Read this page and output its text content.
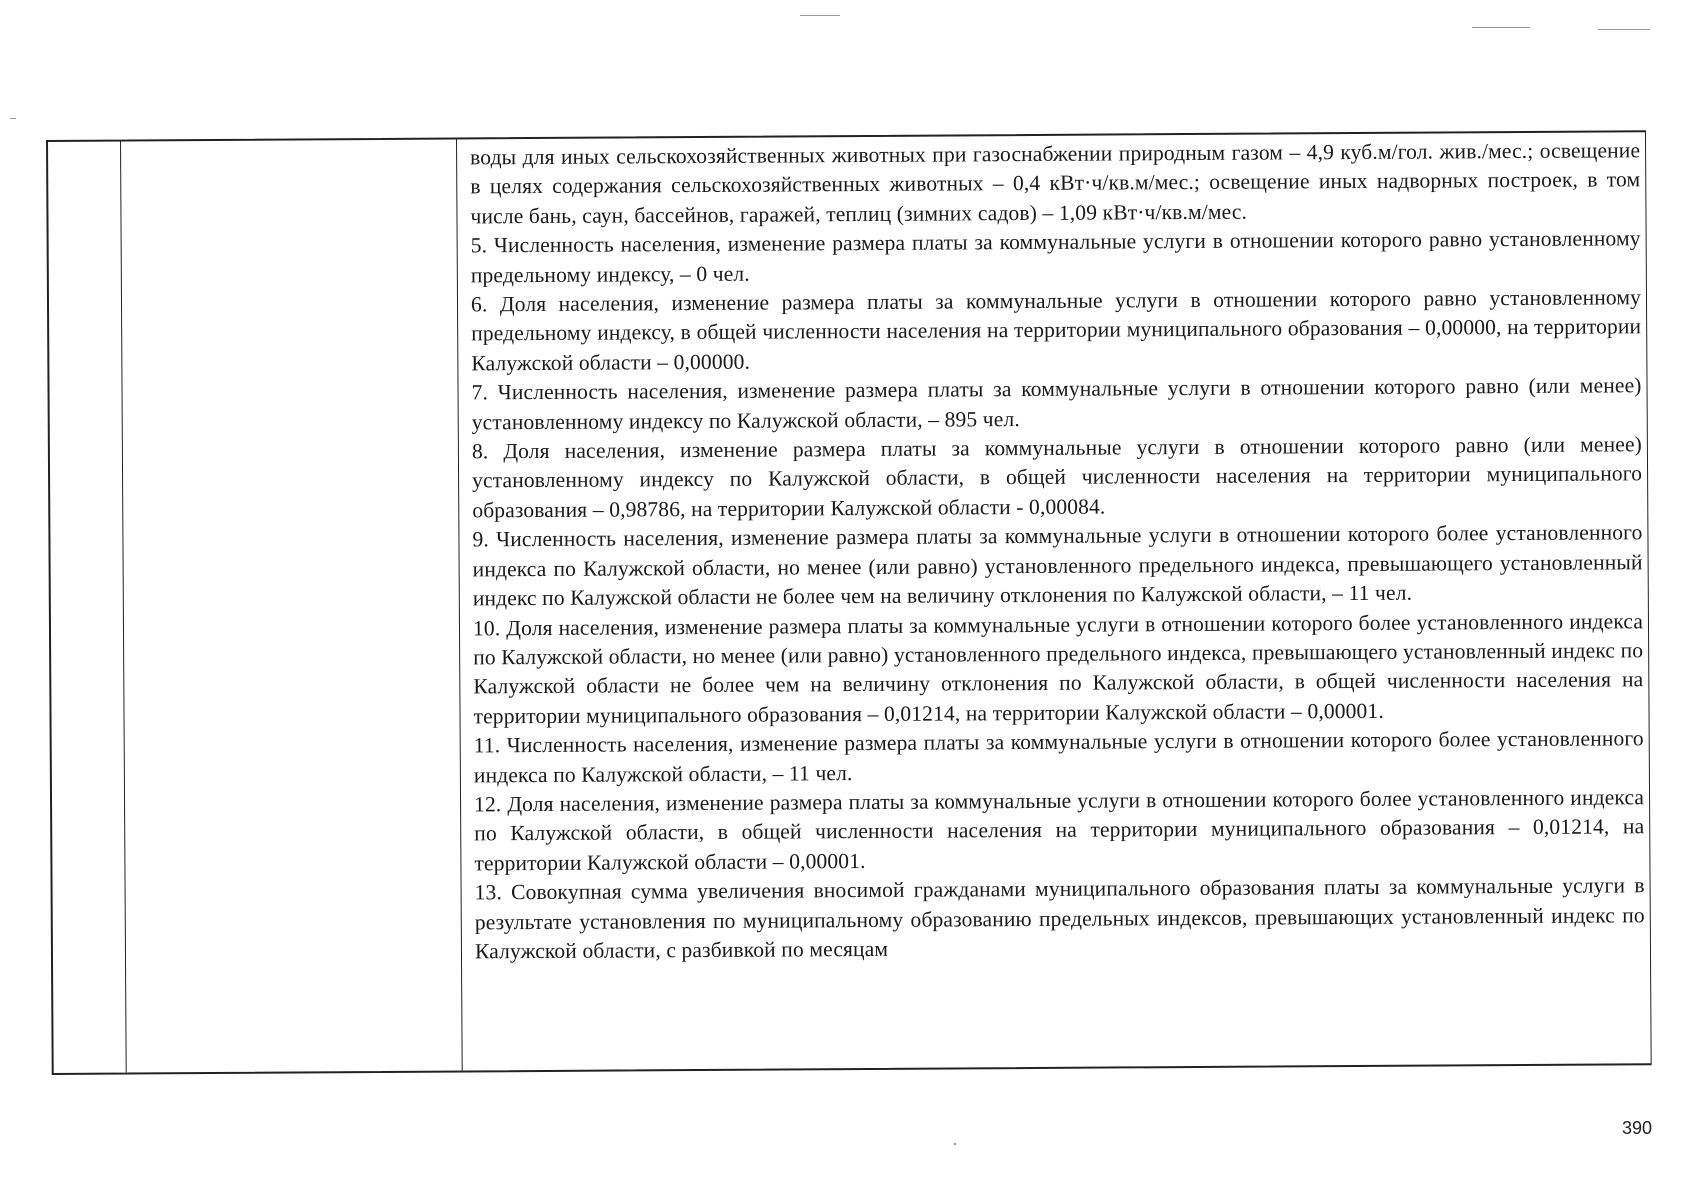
воды для иных сельскохозяйственных животных при газоснабжении природным газом – 4,9 куб.м/гол. жив./мес.; освещение в целях содержания сельскохозяйственных животных – 0,4 кВт·ч/кв.м/мес.; освещение иных надворных построек, в том числе бань, саун, бассейнов, гаражей, теплиц (зимних садов) – 1,09 кВт·ч/кв.м/мес.

5. Численность населения, изменение размера платы за коммунальные услуги в отношении которого равно установленному предельному индексу, – 0 чел.

6. Доля населения, изменение размера платы за коммунальные услуги в отношении которого равно установленному предельному индексу, в общей численности населения на территории муниципального образования – 0,00000, на территории Калужской области – 0,00000.

7. Численность населения, изменение размера платы за коммунальные услуги в отношении которого равно (или менее) установленному индексу по Калужской области, – 895 чел.

8. Доля населения, изменение размера платы за коммунальные услуги в отношении которого равно (или менее) установленному индексу по Калужской области, в общей численности населения на территории муниципального образования – 0,98786, на территории Калужской области - 0,00084.

9. Численность населения, изменение размера платы за коммунальные услуги в отношении которого более установленного индекса по Калужской области, но менее (или равно) установленного предельного индекса, превышающего установленный индекс по Калужской области не более чем на величину отклонения по Калужской области, – 11 чел.

10. Доля населения, изменение размера платы за коммунальные услуги в отношении которого более установленного индекса по Калужской области, но менее (или равно) установленного предельного индекса, превышающего установленный индекс по Калужской области не более чем на величину отклонения по Калужской области, в общей численности населения на территории муниципального образования – 0,01214, на территории Калужской области – 0,00001.

11. Численность населения, изменение размера платы за коммунальные услуги в отношении которого более установленного индекса по Калужской области, – 11 чел.

12. Доля населения, изменение размера платы за коммунальные услуги в отношении которого более установленного индекса по Калужской области, в общей численности населения на территории муниципального образования – 0,01214, на территории Калужской области – 0,00001.

13. Совокупная сумма увеличения вносимой гражданами муниципального образования платы за коммунальные услуги в результате установления по муниципальному образованию предельных индексов, превышающих установленный индекс по Калужской области, с разбивкой по месяцам

390
